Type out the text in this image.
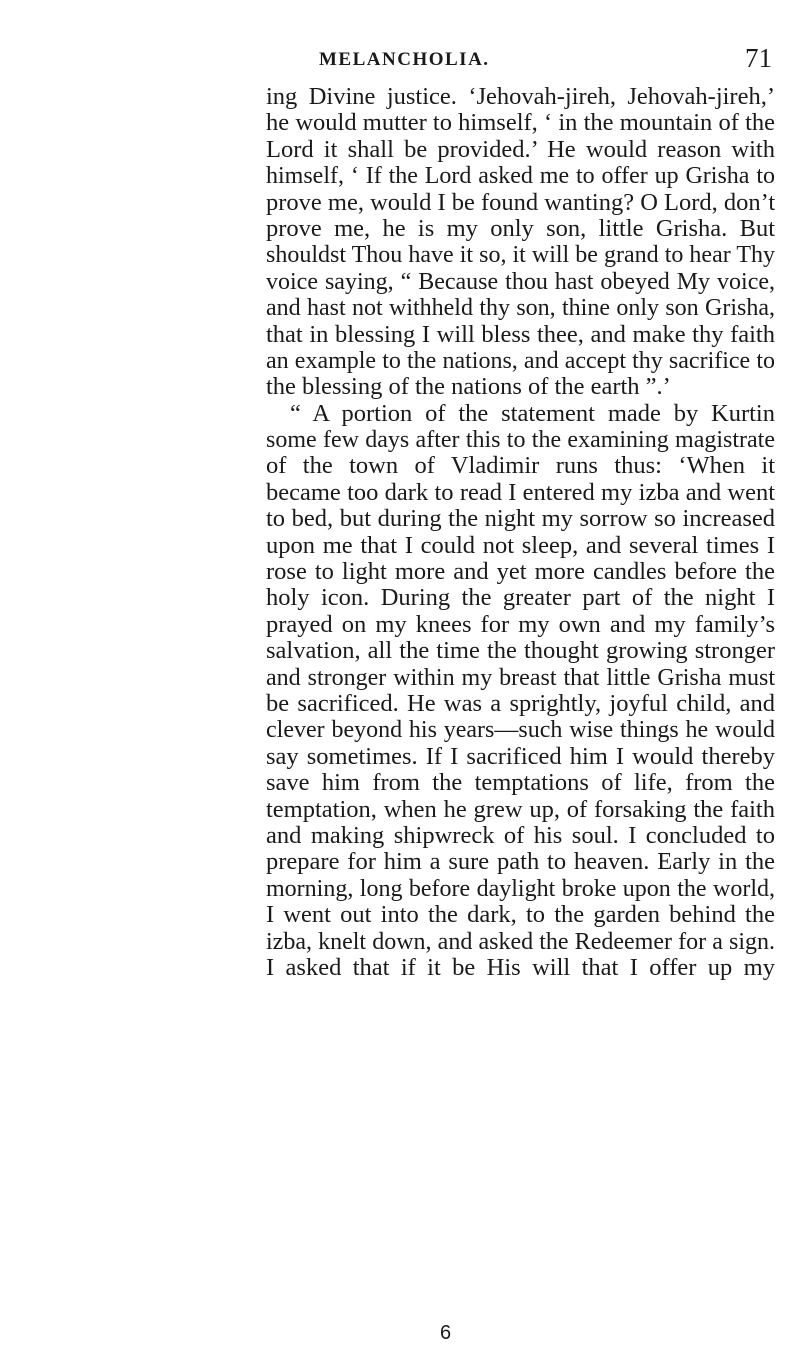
MELANCHOLIA.	71
ing Divine justice. ‘Jehovah-jireh, Jehovah-jireh,’
he would mutter to himself, ‘ in the mountain of the
Lord it shall be provided.’ He would reason with
himself, ‘ If the Lord asked me to offer up Grisha to
prove me, would I be found wanting? O Lord, don’t
prove me, he is my only son, little Grisha. But
shouldst Thou have it so, it will be grand to hear Thy
voice saying, “ Because thou hast obeyed My voice,
and hast not withheld thy son, thine only son Grisha,
that in blessing I will bless thee, and make thy faith
an example to the nations, and accept thy sacrifice to
the blessing of the nations of the earth ”.’
“ A portion of the statement made by Kurtin
some few days after this to the examining magistrate
of the town of Vladimir runs thus: ‘When it
became too dark to read I entered my izba and went
to bed, but during the night my sorrow so increased
upon me that I could not sleep, and several times I
rose to light more and yet more candles before the
holy icon. During the greater part of the night I
prayed on my knees for my own and my family’s
salvation, all the time the thought growing stronger
and stronger within my breast that little Grisha must
be sacrificed. He was a sprightly, joyful child, and
clever beyond his years—such wise things he would
say sometimes. If I sacrificed him I would thereby
save him from the temptations of life, from the
temptation, when he grew up, of forsaking the faith
and making shipwreck of his soul. I concluded to
prepare for him a sure path to heaven. Early in the
morning, long before daylight broke upon the world,
I went out into the dark, to the garden behind the
izba, knelt down, and asked the Redeemer for a sign.
I asked that if it be His will that I offer up my
6
